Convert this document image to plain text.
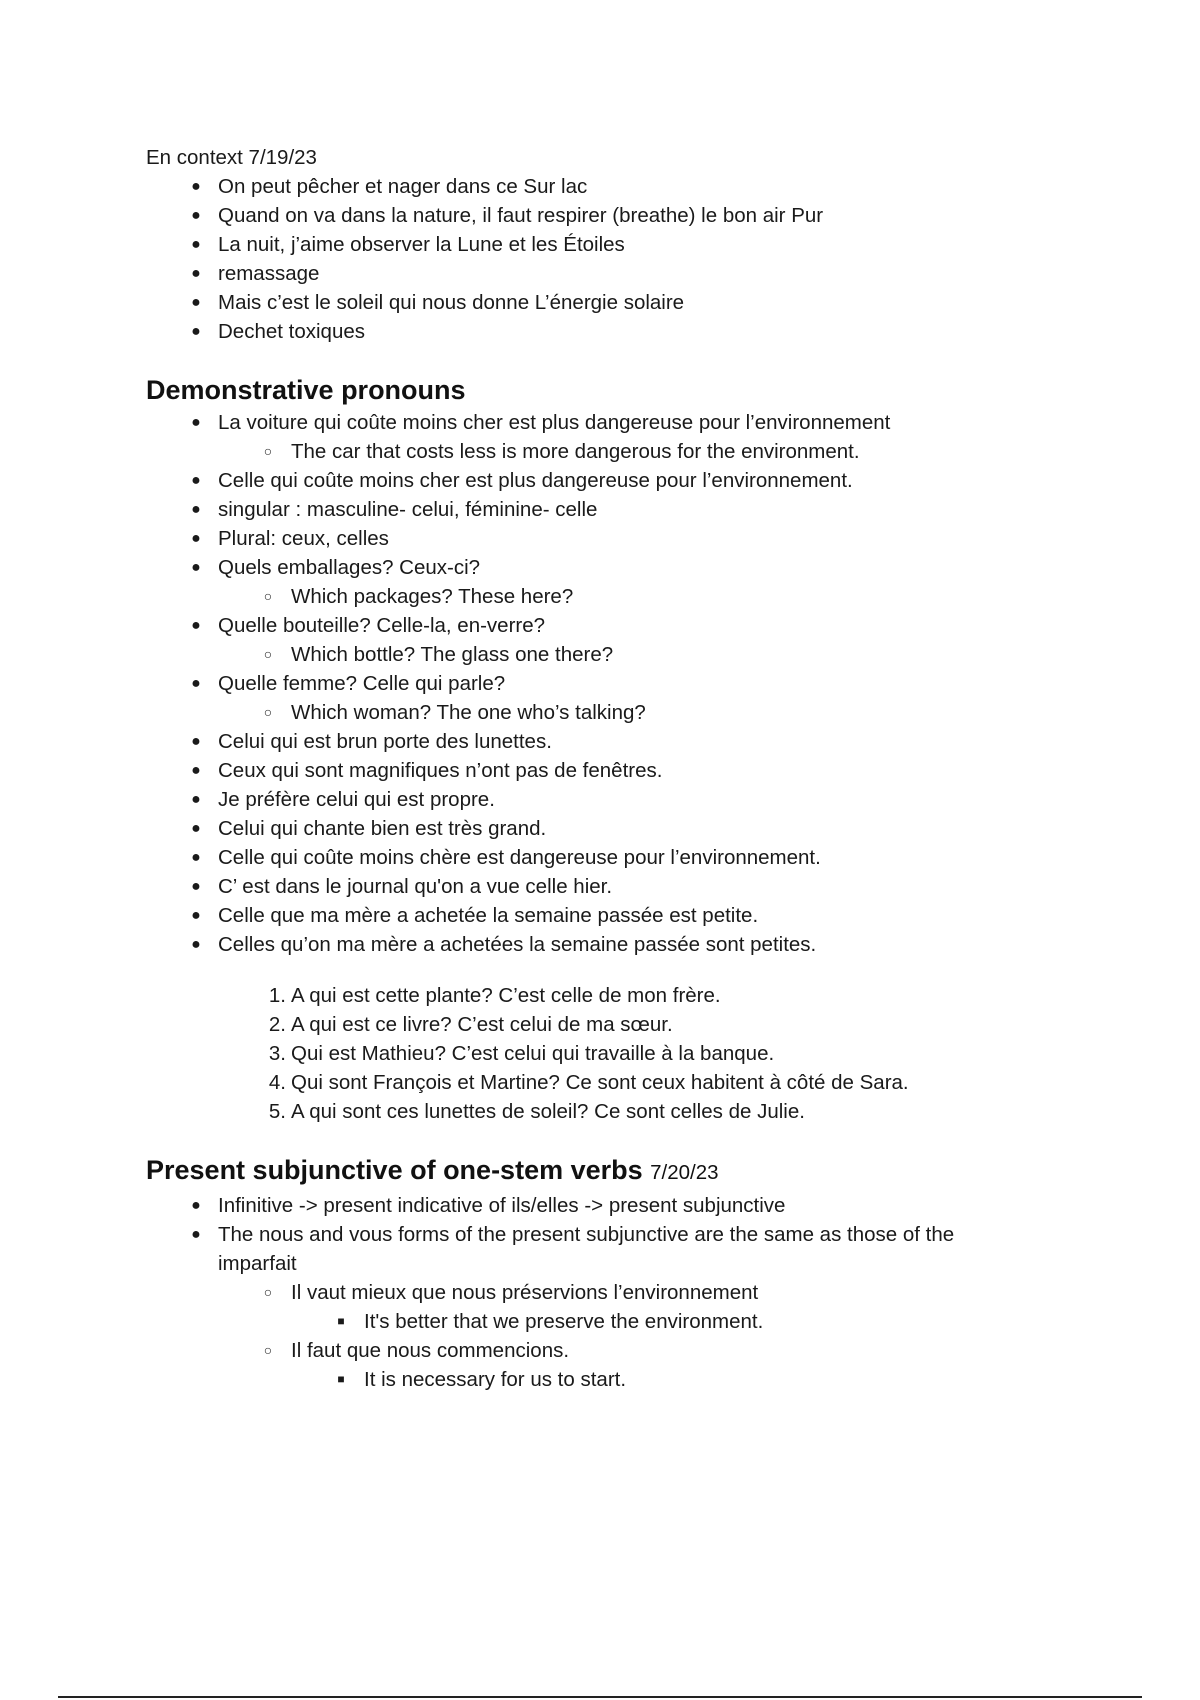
En context 7/19/23
● On peut pêcher et nager dans ce Sur lac
● Quand on va dans la nature, il faut respirer (breathe) le bon air Pur
● La nuit, j’aime observer la Lune et les Étoiles
● remassage
● Mais c’est le soleil qui nous donne L’énergie solaire
● Dechet toxiques
Demonstrative pronouns
● La voiture qui coûte moins cher est plus dangereuse pour l’environnement
○ The car that costs less is more dangerous for the environment.
● Celle qui coûte moins cher est plus dangereuse pour l’environnement.
● singular : masculine- celui, féminine- celle
● Plural: ceux, celles
● Quels emballages? Ceux-ci?
○ Which packages? These here?
● Quelle bouteille? Celle-la, en-verre?
○ Which bottle? The glass one there?
● Quelle femme? Celle qui parle?
○ Which woman? The one who’s talking?
● Celui qui est brun porte des lunettes.
● Ceux qui sont magnifiques n’ont pas de fenêtres.
● Je préfère celui qui est propre.
● Celui qui chante bien est très grand.
● Celle qui coûte moins chère est dangereuse pour l’environnement.
● C’ est dans le journal qu'on a vue celle hier.
● Celle que ma mère a achetée la semaine passée est petite.
● Celles qu’on ma mère a achetées la semaine passée sont petites.
1. A qui est cette plante? C’est celle de mon frère.
2. A qui est ce livre? C’est celui de ma sœur.
3. Qui est Mathieu? C’est celui qui travaille à la banque.
4. Qui sont François et Martine? Ce sont ceux habitent à côté de Sara.
5. A qui sont ces lunettes de soleil? Ce sont celles de Julie.
Present subjunctive of one-stem verbs 7/20/23
● Infinitive -> present indicative of ils/elles -> present subjunctive
● The nous and vous forms of the present subjunctive are the same as those of the imparfait
○ Il vaut mieux que nous préservions l’environnement
■ It's better that we preserve the environment.
○ Il faut que nous commencions.
■ It is necessary for us to start.
